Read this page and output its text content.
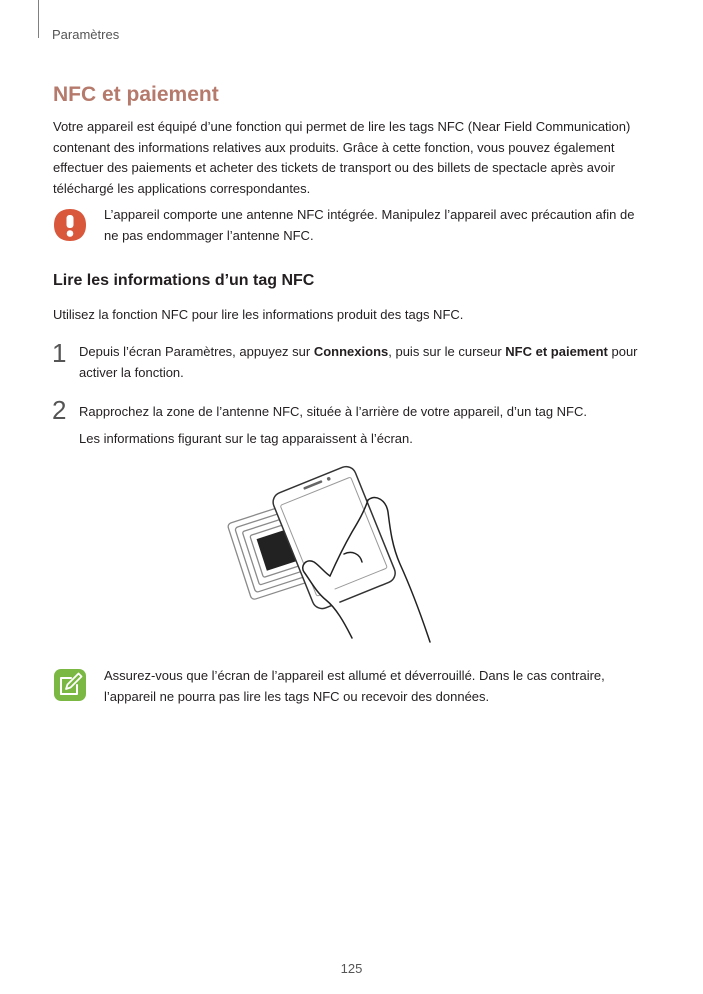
Paramètres
NFC et paiement

Votre appareil est équipé d’une fonction qui permet de lire les tags NFC (Near Field Communication) contenant des informations relatives aux produits. Grâce à cette fonction, vous pouvez également effectuer des paiements et acheter des tickets de transport ou des billets de spectacle après avoir téléchargé les applications correspondantes.

L’appareil comporte une antenne NFC intégrée. Manipulez l’appareil avec précaution afin de ne pas endommager l’antenne NFC.

Lire les informations d’un tag NFC

Utilisez la fonction NFC pour lire les informations produit des tags NFC.

1 Depuis l’écran Paramètres, appuyez sur Connexions, puis sur le curseur NFC et paiement pour activer la fonction.

2 Rapprochez la zone de l’antenne NFC, située à l’arrière de votre appareil, d’un tag NFC.

Les informations figurant sur le tag apparaissent à l’écran.

Assurez-vous que l’écran de l’appareil est allumé et déverrouillé. Dans le cas contraire, l’appareil ne pourra pas lire les tags NFC ou recevoir des données.

125
